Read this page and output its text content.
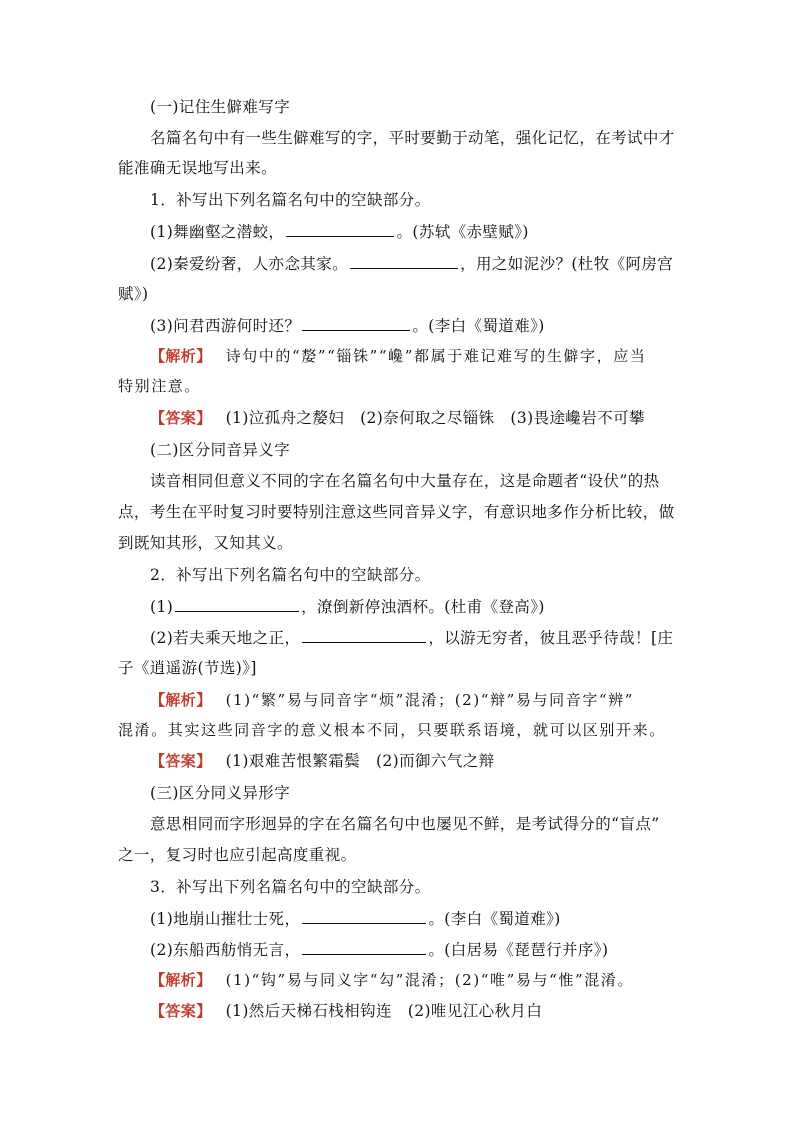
(一)记住生僻难写字
名篇名句中有一些生僻难写的字，平时要勤于动笔，强化记忆，在考试中才
能准确无误地写出来。
1．补写出下列名篇名句中的空缺部分。
(1)舞幽壑之潜蛟，	。(苏轼《赤壁赋》)
(2)秦爱纷奢，人亦念其家。	，用之如泥沙？(杜牧《阿房宫
赋》)
(3)问君西游何时还？	。(李白《蜀道难》)
【解析】 诗句中的“嫠”“锱铢”“巉”都属于难记难写的生僻字，应当
特别注意。
【答案】 (1)泣孤舟之嫠妇　(2)奈何取之尽锱铢　(3)畏途巉岩不可攀
(二)区分同音异义字
读音相同但意义不同的字在名篇名句中大量存在，这是命题者“设伏”的热
点，考生在平时复习时要特别注意这些同音异义字，有意识地多作分析比较，做
到既知其形，又知其义。
2．补写出下列名篇名句中的空缺部分。
(1)	，潦倒新停浊酒杯。(杜甫《登高》)
(2)若夫乘天地之正，	，以游无穷者，彼且恶乎待哉！[庄
子《逍遥游(节选)》]
【解析】 (1)“繁”易与同音字“烦”混淆；(2)“辩”易与同音字“辨”
混淆。其实这些同音字的意义根本不同，只要联系语境，就可以区别开来。
【答案】 (1)艰难苦恨繁霜鬓　(2)而御六气之辩
(三)区分同义异形字
意思相同而字形迥异的字在名篇名句中也屡见不鲜，是考试得分的“盲点”
之一，复习时也应引起高度重视。
3．补写出下列名篇名句中的空缺部分。
(1)地崩山摧壮士死，	。(李白《蜀道难》)
(2)东船西舫悄无言，	。(白居易《琵琶行并序》)
【解析】 (1)“钩”易与同义字“勾”混淆；(2)“唯”易与“惟”混淆。
【答案】 (1)然后天梯石栈相钩连　(2)唯见江心秋月白
